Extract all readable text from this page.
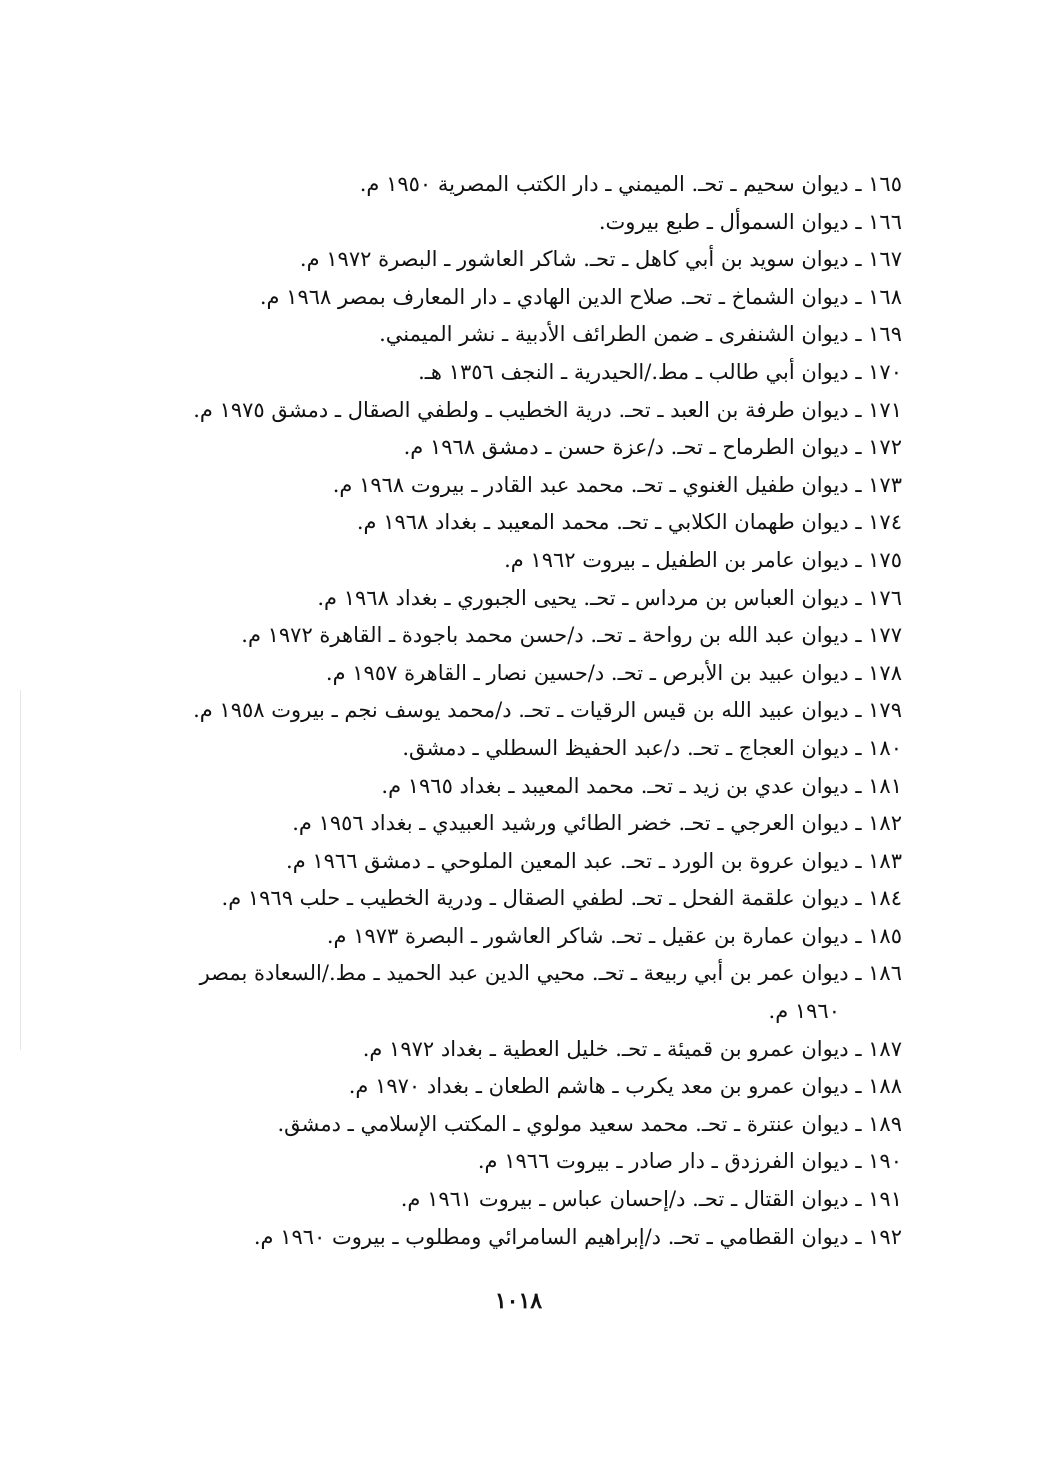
١٦٥ ـ ديوان سحيم ـ تحـ. الميمني ـ دار الكتب المصرية ١٩٥٠ م.
١٦٦ ـ ديوان السموأل ـ طبع بيروت.
١٦٧ ـ ديوان سويد بن أبي كاهل ـ تحـ. شاكر العاشور ـ البصرة ١٩٧٢ م.
١٦٨ ـ ديوان الشماخ ـ تحـ. صلاح الدين الهادي ـ دار المعارف بمصر ١٩٦٨ م.
١٦٩ ـ ديوان الشنفرى ـ ضمن الطرائف الأدبية ـ نشر الميمني.
١٧٠ ـ ديوان أبي طالب ـ مط./الحيدرية ـ النجف ١٣٥٦ هـ.
١٧١ ـ ديوان طرفة بن العبد ـ تحـ. درية الخطيب ـ ولطفي الصقال ـ دمشق ١٩٧٥ م.
١٧٢ ـ ديوان الطرماح ـ تحـ. د/عزة حسن ـ دمشق ١٩٦٨ م.
١٧٣ ـ ديوان طفيل الغنوي ـ تحـ. محمد عبد القادر ـ بيروت ١٩٦٨ م.
١٧٤ ـ ديوان طهمان الكلابي ـ تحـ. محمد المعيبد ـ بغداد ١٩٦٨ م.
١٧٥ ـ ديوان عامر بن الطفيل ـ بيروت ١٩٦٢ م.
١٧٦ ـ ديوان العباس بن مرداس ـ تحـ. يحيى الجبوري ـ بغداد ١٩٦٨ م.
١٧٧ ـ ديوان عبد الله بن رواحة ـ تحـ. د/حسن محمد باجودة ـ القاهرة ١٩٧٢ م.
١٧٨ ـ ديوان عبيد بن الأبرص ـ تحـ. د/حسين نصار ـ القاهرة ١٩٥٧ م.
١٧٩ ـ ديوان عبيد الله بن قيس الرقيات ـ تحـ. د/محمد يوسف نجم ـ بيروت ١٩٥٨ م.
١٨٠ ـ ديوان العجاج ـ تحـ. د/عبد الحفيظ السطلي ـ دمشق.
١٨١ ـ ديوان عدي بن زيد ـ تحـ. محمد المعيبد ـ بغداد ١٩٦٥ م.
١٨٢ ـ ديوان العرجي ـ تحـ. خضر الطائي ورشيد العبيدي ـ بغداد ١٩٥٦ م.
١٨٣ ـ ديوان عروة بن الورد ـ تحـ. عبد المعين الملوحي ـ دمشق ١٩٦٦ م.
١٨٤ ـ ديوان علقمة الفحل ـ تحـ. لطفي الصقال ـ ودرية الخطيب ـ حلب ١٩٦٩ م.
١٨٥ ـ ديوان عمارة بن عقيل ـ تحـ. شاكر العاشور ـ البصرة ١٩٧٣ م.
١٨٦ ـ ديوان عمر بن أبي ربيعة ـ تحـ. محيي الدين عبد الحميد ـ مط./السعادة بمصر
١٩٦٠ م.
١٨٧ ـ ديوان عمرو بن قميئة ـ تحـ. خليل العطية ـ بغداد ١٩٧٢ م.
١٨٨ ـ ديوان عمرو بن معد يكرب ـ هاشم الطعان ـ بغداد ١٩٧٠ م.
١٨٩ ـ ديوان عنترة ـ تحـ. محمد سعيد مولوي ـ المكتب الإسلامي ـ دمشق.
١٩٠ ـ ديوان الفرزدق ـ دار صادر ـ بيروت ١٩٦٦ م.
١٩١ ـ ديوان القتال ـ تحـ. د/إحسان عباس ـ بيروت ١٩٦١ م.
١٩٢ ـ ديوان القطامي ـ تحـ. د/إبراهيم السامرائي ومطلوب ـ بيروت ١٩٦٠ م.
١٠١٨
